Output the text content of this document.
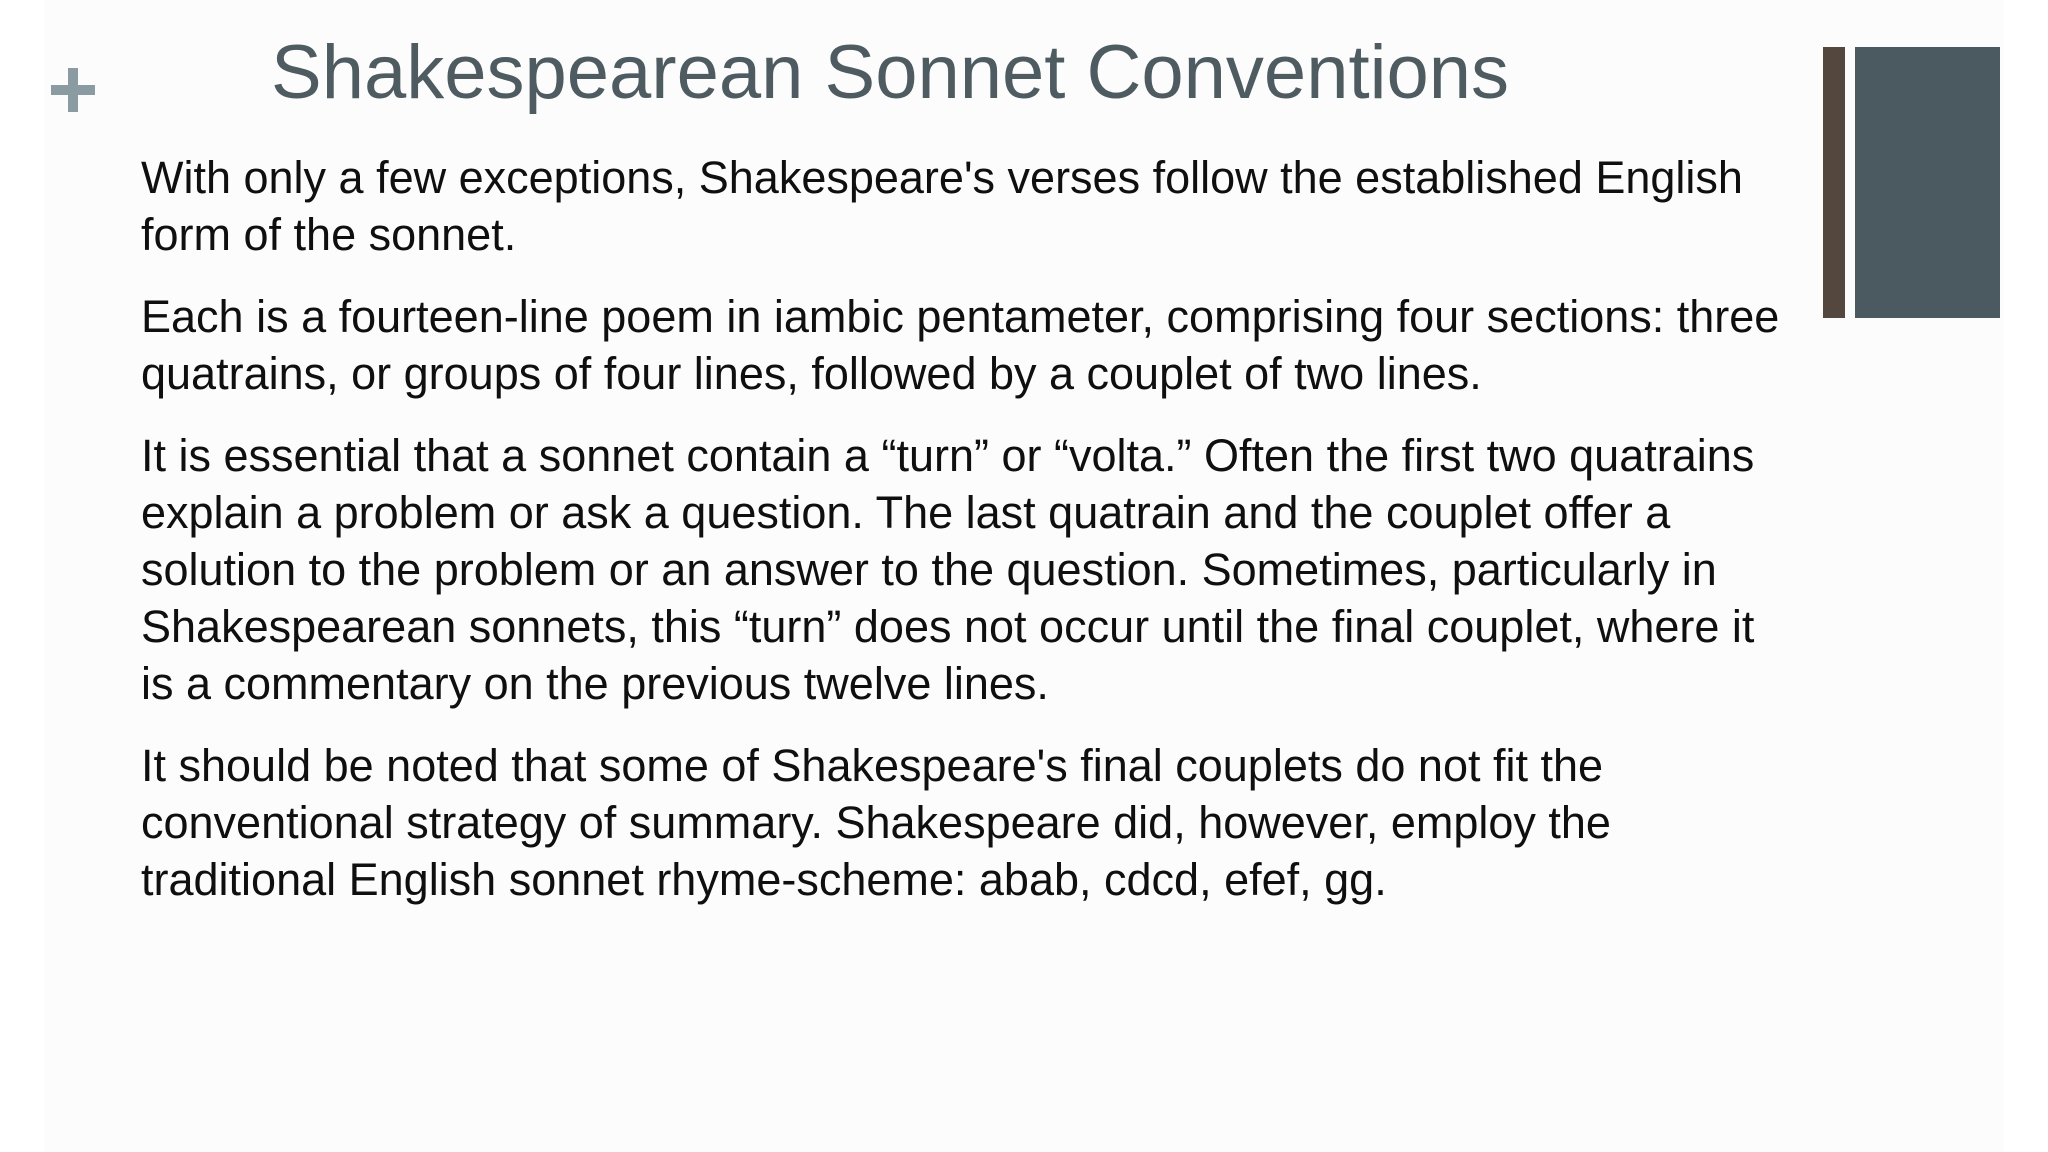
Shakespearean Sonnet Conventions

With only a few exceptions, Shakespeare's verses follow the established English form of the sonnet.

Each is a fourteen-line poem in iambic pentameter, comprising four sections: three quatrains, or groups of four lines, followed by a couplet of two lines.

It is essential that a sonnet contain a “turn” or “volta.” Often the first two quatrains explain a problem or ask a question. The last quatrain and the couplet offer a solution to the problem or an answer to the question. Sometimes, particularly in Shakespearean sonnets, this “turn” does not occur until the final couplet, where it is a commentary on the previous twelve lines.

It should be noted that some of Shakespeare's final couplets do not fit the conventional strategy of summary. Shakespeare did, however, employ the traditional English sonnet rhyme-scheme: abab, cdcd, efef, gg.
